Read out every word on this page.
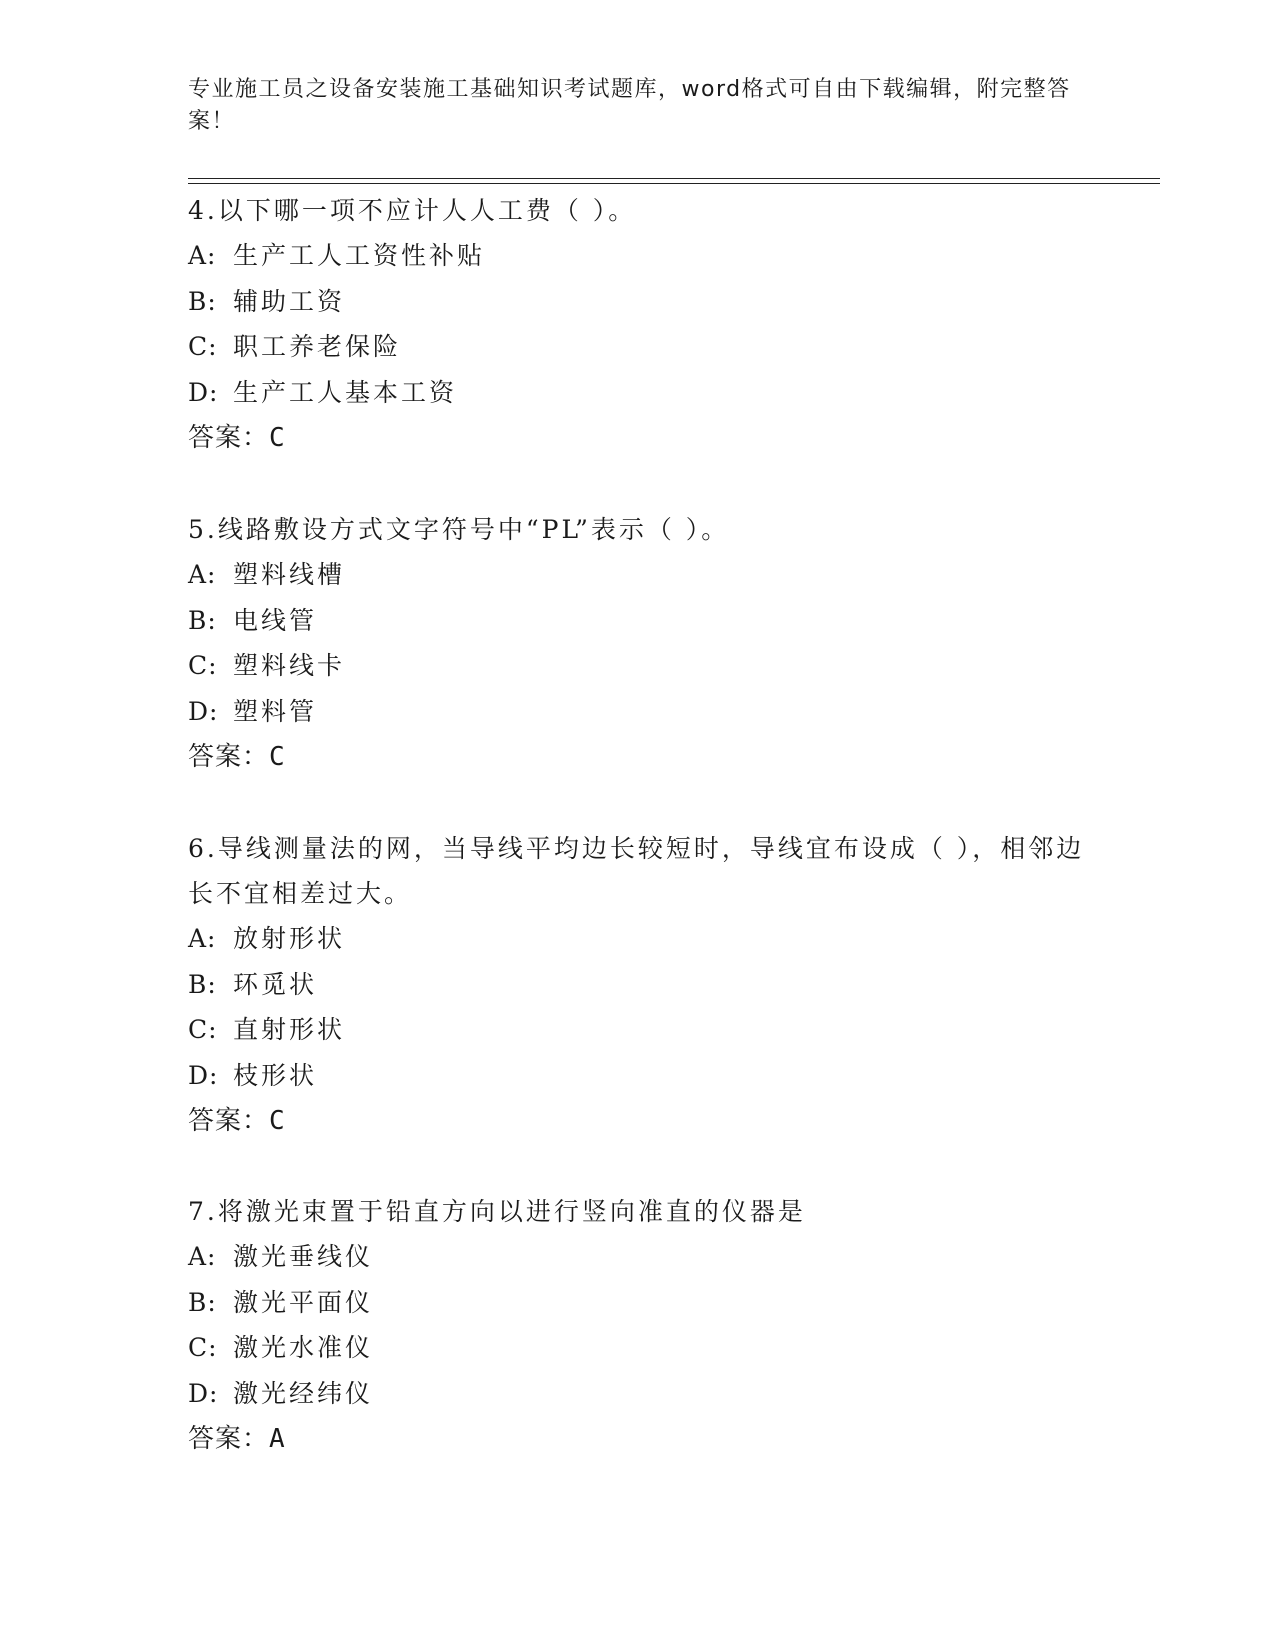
专业施工员之设备安装施工基础知识考试题库，word格式可自由下载编辑，附完整答案！

4.以下哪一项不应计人人工费（ ）。

A: 生产工人工资性补贴

B: 辅助工资

C: 职工养老保险

D: 生产工人基本工资

答案：C

5.线路敷设方式文字符号中“PL”表示（ ）。

A: 塑料线槽

B: 电线管

C: 塑料线卡

D: 塑料管

答案：C

6.导线测量法的网，当导线平均边长较短时，导线宜布设成（ ），相邻边长不宜相差过大。

A: 放射形状

B: 环觅状

C: 直射形状

D: 枝形状

答案：C

7.将激光束置于铅直方向以进行竖向准直的仪器是

A: 激光垂线仪

B: 激光平面仪

C: 激光水准仪

D: 激光经纬仪

答案：A
